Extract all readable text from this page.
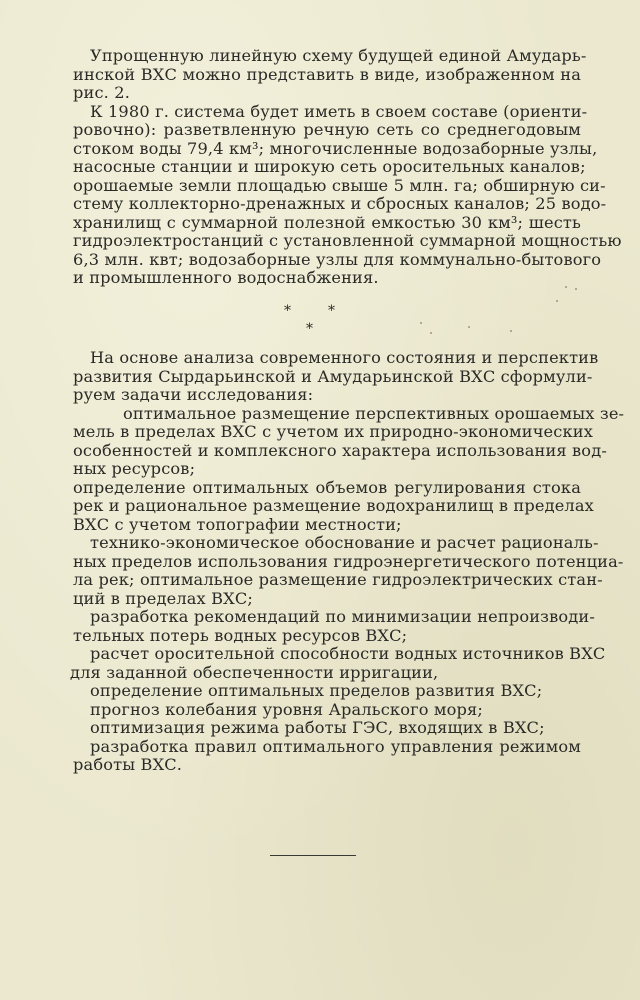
Упрощенную линейную схему будущей единой Амударь-
инской ВХС можно представить в виде, изображенном на
рис. 2.
К 1980 г. система будет иметь в своем составе (ориенти-
ровочно): разветвленную речную сеть со среднегодовым
стоком воды 79,4 км³; многочисленные водозаборные узлы,
насосные станции и широкую сеть оросительных каналов;
орошаемые земли площадью свыше 5 млн. га; обширную си-
стему коллекторно-дренажных и сбросных каналов; 25 водо-
хранилищ с суммарной полезной емкостью 30 км³; шесть
гидроэлектростанций с установленной суммарной мощностью
6,3 млн. квт; водозаборные узлы для коммунально-бытового
и промышленного водоснабжения.
*	*
*
На основе анализа современного состояния и перспектив
развития Сырдарьинской и Амударьинской ВХС сформули-
руем задачи исследования:
оптимальное размещение перспективных орошаемых зе-
мель в пределах ВХС с учетом их природно-экономических
особенностей и комплексного характера использования вод-
ных ресурсов;
определение оптимальных объемов регулирования стока
рек и рациональное размещение водохранилищ в пределах
ВХС с учетом топографии местности;
технико-экономическое обоснование и расчет рациональ-
ных пределов использования гидроэнергетического потенциа-
ла рек; оптимальное размещение гидроэлектрических стан-
ций в пределах ВХС;
разработка рекомендаций по минимизации непроизводи-
тельных потерь водных ресурсов ВХС;
расчет оросительной способности водных источников ВХС
для заданной обеспеченности ирригации,
определение оптимальных пределов развития ВХС;
прогноз колебания уровня Аральского моря;
оптимизация режима работы ГЭС, входящих в ВХС;
разработка правил оптимального управления режимом
работы ВХС.
